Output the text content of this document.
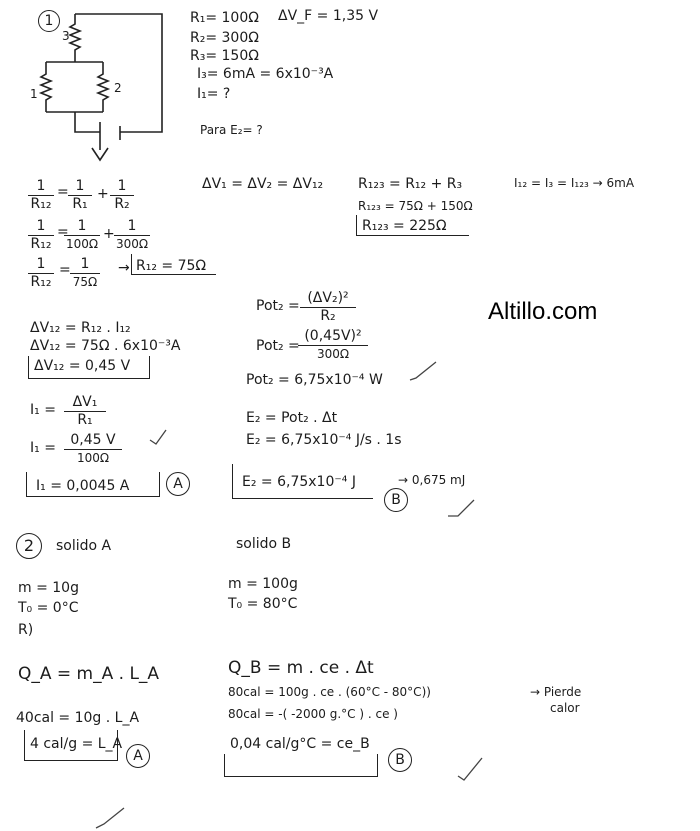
Altillo.com
1
3
1	2
R₁= 100Ω ΔV_F = 1,35 V
R₂= 300Ω
R₃= 150Ω
I₃= 6mA = 6x10⁻³A
I₁= ?
Para E₂= ?
$\frac{1}{\text{R₁₂}} = \frac{1}{\text{R₁}} + \frac{1}{\text{R₂}}$
$\frac{1}{\text{R₁₂}}$ =
$\frac{1}{100\Omega} + \frac{1}{300\Omega}$
$\frac{1}{\text{R₁₂}} = \frac{1}{75\Omega} \to R_{12} = 75\Omega$
ΔV₁ = ΔV₂ = ΔV₁₂ R₁₂₃ = R₁₂ + R₃
R₁₂₃ = 75Ω + 150Ω
R₁₂₃ = 225Ω
I₁₂ = I₃ = I₁₂₃ → 6mA
ΔV₁₂ = R₁₂ . I₁₂
ΔV₁₂ = 75Ω . 6x10⁻³A
ΔV₁₂ = 0,45 V
$Pot_2 = \frac{\text{(ΔV₂)²}}{\text{R₂}}$
Pot₂ =
$\frac{\text{(0,45V)²}}{300\Omega}$
Pot₂ = 6,75x10⁻⁴ W
$I_1 = \frac{\text{ΔV₁}}{\text{R₁}}$
$I_1 = \frac{0,45 V}{100\Omega}$
I₁ = 0,0045 A	A
E₂ = Pot₂ . Δt
E₂ = 6,75x10⁻⁴ J/s . 1s
E₂ = 6,75x10⁻⁴ J
B
→ 0,675 mJ
2	solido A	solido B
m = 10g
T₀ = 0°C
R)
m = 100g
T₀ = 80°C
Q_A = m_A . L_A
40cal = 10g . L_A
4 cal/g = L_A
A
Q_B = m . ce . Δt
80cal = 100g . ce . (60°C - 80°C))
80cal = -( -2000 g.°C ) . ce )
0,04 cal/g°C = ce_B
B
→ Pierde
calor
